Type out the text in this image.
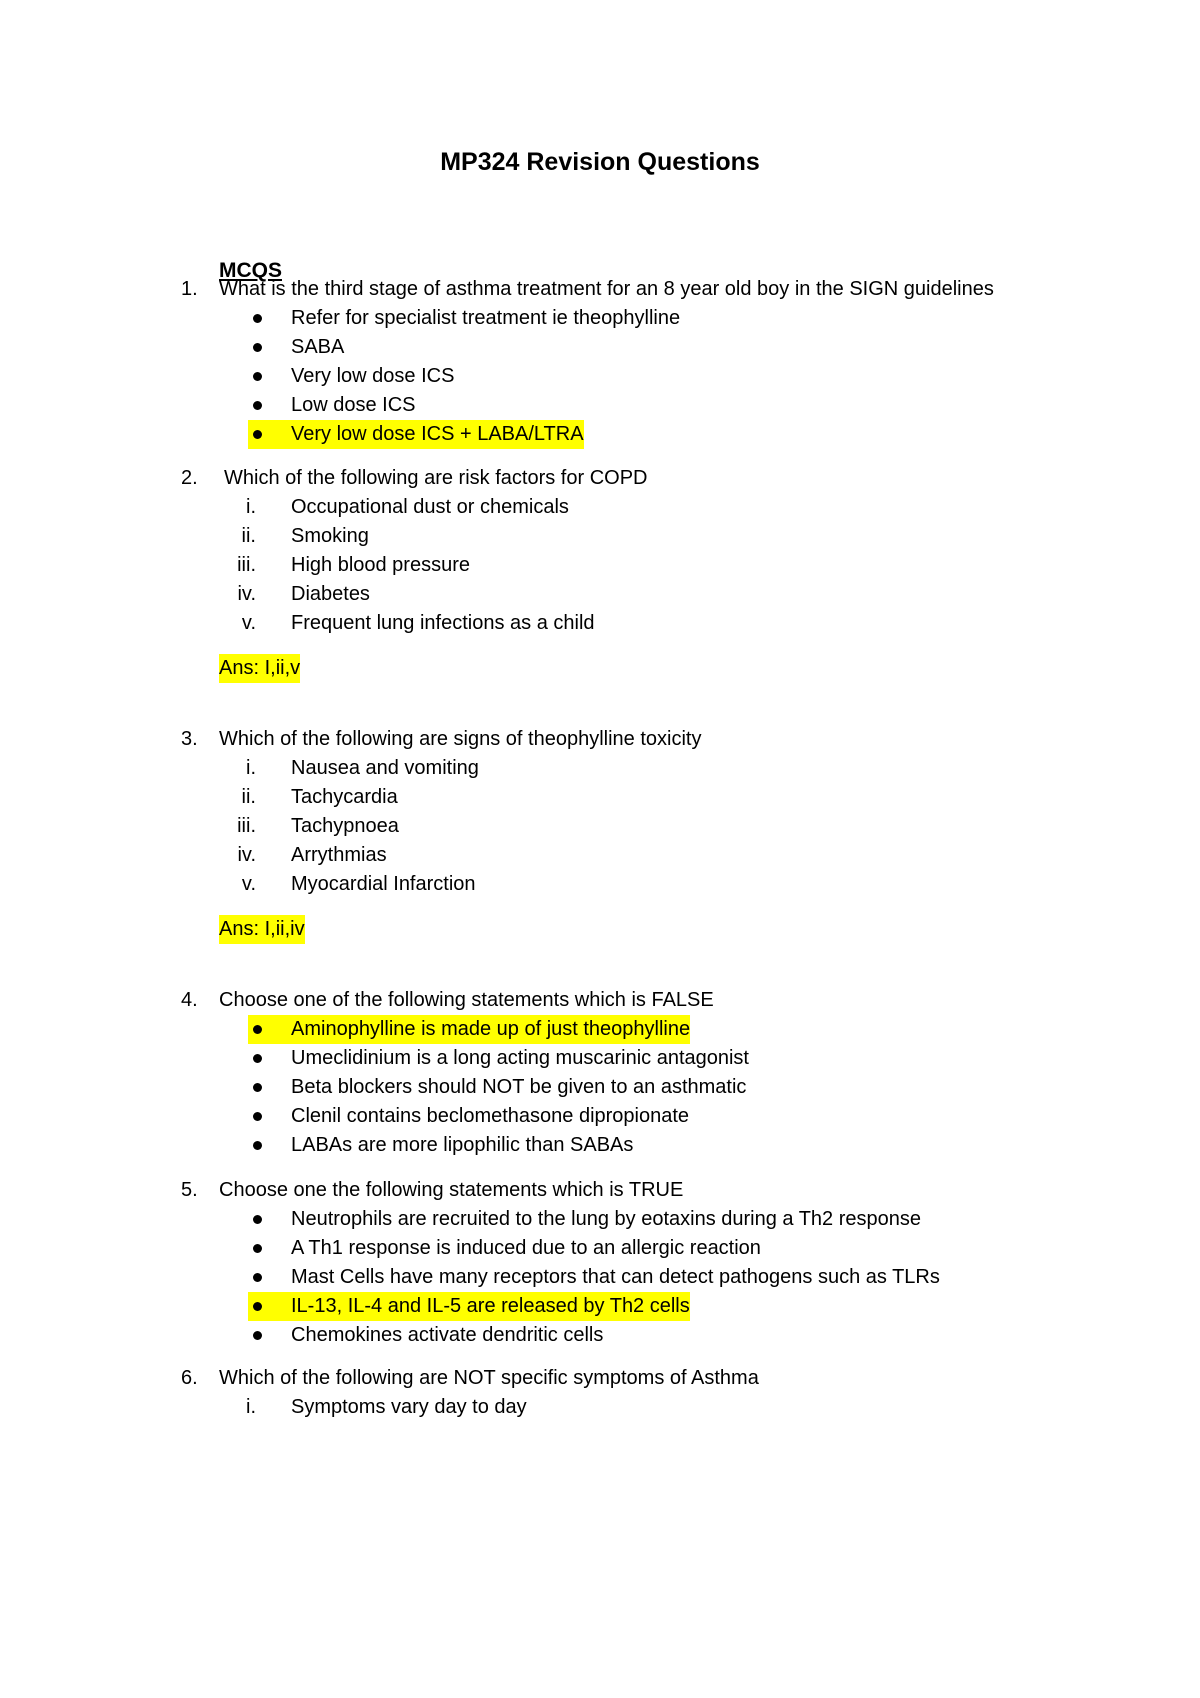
MP324 Revision Questions
MCQS
1. What is the third stage of asthma treatment for an 8 year old boy in the SIGN guidelines
Refer for specialist treatment ie theophylline
SABA
Very low dose ICS
Low dose ICS
Very low dose ICS + LABA/LTRA
2. Which of the following are risk factors for COPD
i. Occupational dust or chemicals
ii. Smoking
iii. High blood pressure
iv. Diabetes
v. Frequent lung infections as a child
Ans: I,ii,v
3. Which of the following are signs of theophylline toxicity
i. Nausea and vomiting
ii. Tachycardia
iii. Tachypnoea
iv. Arrythmias
v. Myocardial Infarction
Ans: I,ii,iv
4. Choose one of the following statements which is FALSE
Aminophylline is made up of just theophylline
Umeclidinium is a long acting muscarinic antagonist
Beta blockers should NOT be given to an asthmatic
Clenil contains beclomethasone dipropionate
LABAs are more lipophilic than SABAs
5. Choose one the following statements which is TRUE
Neutrophils are recruited to the lung by eotaxins during a Th2 response
A Th1 response is induced due to an allergic reaction
Mast Cells have many receptors that can detect pathogens such as TLRs
IL-13, IL-4 and IL-5 are released by Th2 cells
Chemokines activate dendritic cells
6. Which of the following are NOT specific symptoms of Asthma
i. Symptoms vary day to day
